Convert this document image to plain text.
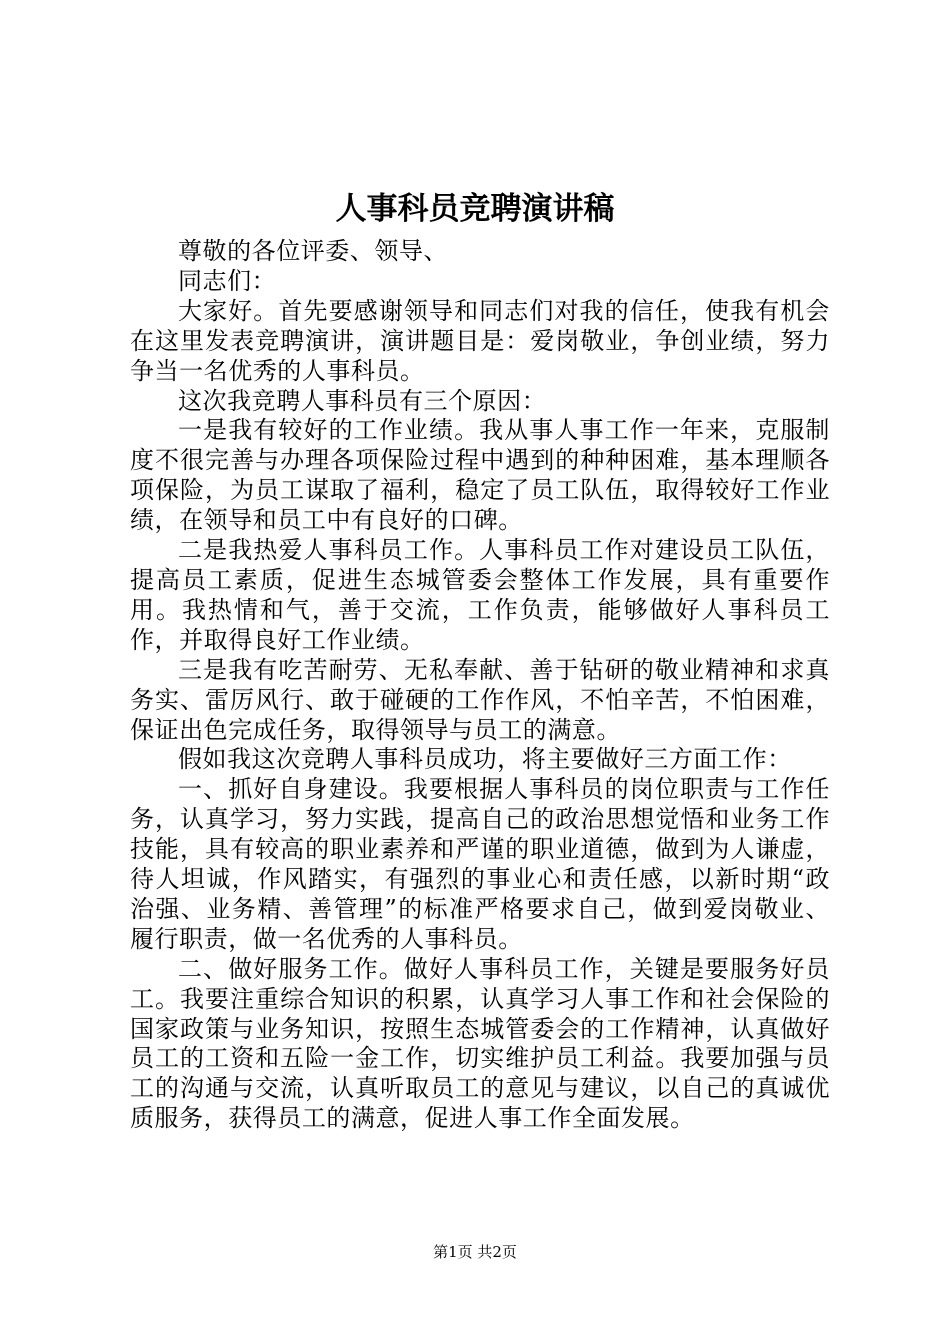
人事科员竞聘演讲稿

尊敬的各位评委、领导、

同志们：

大家好。首先要感谢领导和同志们对我的信任，使我有机会在这里发表竞聘演讲，演讲题目是：爱岗敬业，争创业绩，努力争当一名优秀的人事科员。

这次我竞聘人事科员有三个原因：

一是我有较好的工作业绩。我从事人事工作一年来，克服制度不很完善与办理各项保险过程中遇到的种种困难，基本理顺各项保险，为员工谋取了福利，稳定了员工队伍，取得较好工作业绩，在领导和员工中有良好的口碑。

二是我热爱人事科员工作。人事科员工作对建设员工队伍，提高员工素质，促进生态城管委会整体工作发展，具有重要作用。我热情和气，善于交流，工作负责，能够做好人事科员工作，并取得良好工作业绩。

三是我有吃苦耐劳、无私奉献、善于钻研的敬业精神和求真务实、雷厉风行、敢于碰硬的工作作风，不怕辛苦，不怕困难，保证出色完成任务，取得领导与员工的满意。

假如我这次竞聘人事科员成功，将主要做好三方面工作：

一、抓好自身建设。我要根据人事科员的岗位职责与工作任务，认真学习，努力实践，提高自己的政治思想觉悟和业务工作技能，具有较高的职业素养和严谨的职业道德，做到为人谦虚，待人坦诚，作风踏实，有强烈的事业心和责任感，以新时期“政治强、业务精、善管理”的标准严格要求自己，做到爱岗敬业、履行职责，做一名优秀的人事科员。

二、做好服务工作。做好人事科员工作，关键是要服务好员工。我要注重综合知识的积累，认真学习人事工作和社会保险的国家政策与业务知识，按照生态城管委会的工作精神，认真做好员工的工资和五险一金工作，切实维护员工利益。我要加强与员工的沟通与交流，认真听取员工的意见与建议，以自己的真诚优质服务，获得员工的满意，促进人事工作全面发展。

第1页 共2页
